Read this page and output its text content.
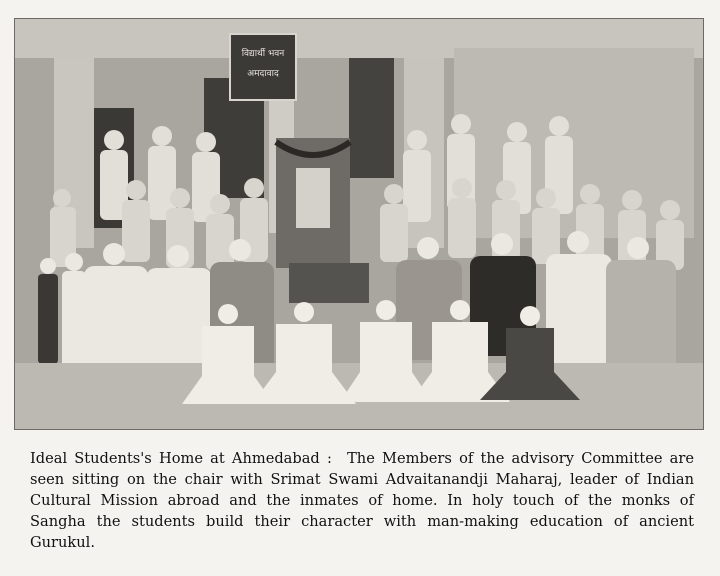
विद्यार्थी भवन
अमदावाद
Ideal Students's Home at Ahmedabad : The Members of the advisory Committee are seen sitting on the chair with Srimat Swami Advaitanandji Maharaj, leader of Indian Cultural Mission abroad and the inmates of home. In holy touch of the monks of Sangha the students build their character with man-making education of ancient Gurukul.
